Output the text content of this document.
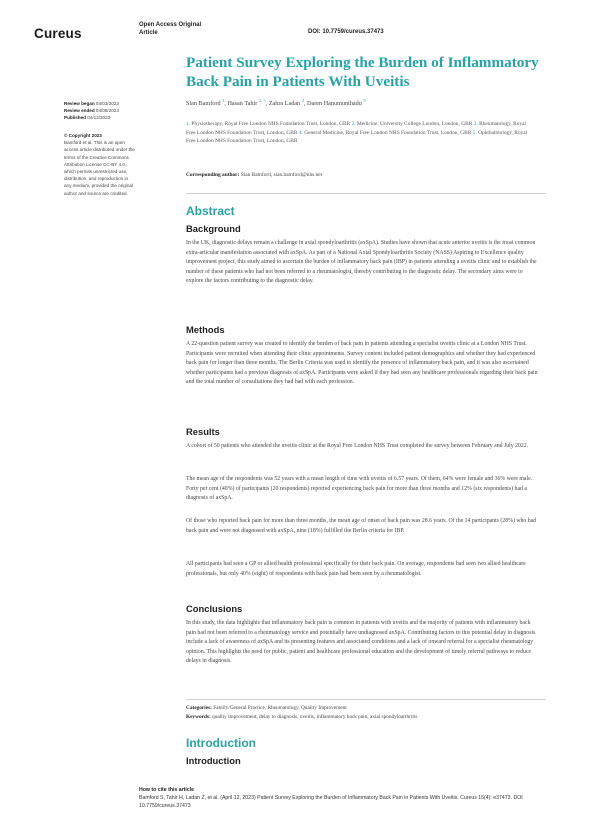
Cureus
Open Access Original
Article	DOI: 10.7759/cureus.37473
Patient Survey Exploring the Burden of Inflammatory Back Pain in Patients With Uveitis
Review began 04/03/2023
Review ended 04/08/2023
Published 04/12/2023
© Copyright 2023
Bamford et al. This is an open access article distributed under the terms of the Creative Commons Attribution License CC-BY 4.0., which permits unrestricted use, distribution, and reproduction in any medium, provided the original author and source are credited.
Sian Bamford $^1$, Hasan Tahir $^{2, 3}$, Zahra Ladan $^4$, Daren Hanumunthadu $^5$
1. Physiotherapy, Royal Free London NHS Foundation Trust, London, GBR 2. Medicine, University College London, London, GBR 3. Rheumatology, Royal Free London NHS Foundation Trust, London, GBR 4. General Medicine, Royal Free London NHS Foundation Trust, London, GBR 5. Ophthalmology, Royal Free London NHS Foundation Trust, London, GBR
Corresponding author: Sian Bamford, sian.bamford@nhs.net
Abstract
Background
In the UK, diagnostic delays remain a challenge in axial spondyloarthritis (axSpA). Studies have shown that acute anterior uveitis is the most common extra-articular manifestation associated with axSpA. As part of a National Axial Spondyloarthritis Society (NASS) Aspiring to Excellence quality improvement project, this study aimed to ascertain the burden of inflammatory back pain (IBP) in patients attending a uveitis clinic and to establish the number of these patients who had not been referred to a rheumatologist, thereby contributing to the diagnostic delay. The secondary aims were to explore the factors contributing to the diagnostic delay.
Methods
A 22-question patient survey was created to identify the burden of back pain in patients attending a specialist uveitis clinic at a London NHS Trust. Participants were recruited when attending their clinic appointments. Survey content included patient demographics and whether they had experienced back pain for longer than three months. The Berlin Criteria was used to identify the presence of inflammatory back pain, and it was also ascertained whether participants had a previous diagnosis of axSpA. Participants were asked if they had seen any healthcare professionals regarding their back pain and the total number of consultations they had had with each profession.
Results
A cohort of 50 patients who attended the uveitis clinic at the Royal Free London NHS Trust completed the survey between February and July 2022.
The mean age of the respondents was 52 years with a mean length of time with uveitis of 6.57 years. Of them, 64% were female and 36% were male. Forty per cent (40%) of participants (20 respondents) reported experiencing back pain for more than three months and 12% (six respondents) had a diagnosis of axSpA.
Of those who reported back pain for more than three months, the mean age of onset of back pain was 28.6 years. Of the 14 participants (28%) who had back pain and were not diagnosed with axSpA, nine (18%) fulfilled the Berlin criteria for IBP.
All participants had seen a GP or allied health professional specifically for their back pain. On average, respondents had seen two allied healthcare professionals, but only 40% (eight) of respondents with back pain had been seen by a rheumatologist.
Conclusions
In this study, the data highlights that inflammatory back pain is common in patients with uveitis and the majority of patients with inflammatory back pain had not been referred to a rheumatology service and potentially have undiagnosed axSpA. Contributing factors to this potential delay in diagnosis include a lack of awareness of axSpA and its presenting features and associated conditions and a lack of onward referral for a specialist rheumatology opinion. This highlights the need for public, patient and healthcare professional education and the development of timely referral pathways to reduce delays in diagnosis.
Categories: Family/General Practice, Rheumatology, Quality Improvement
Keywords: quality improvement, delay to diagnosis, uveitis, inflammatory back pain, axial spondyloarthritis
Introduction
Introduction
How to cite this article
Bamford S, Tahir H, Ladan Z, et al. (April 12, 2023) Patient Survey Exploring the Burden of Inflammatory Back Pain in Patients With Uveitis. Cureus 15(4): e37473. DOI 10.7759/cureus.37473
